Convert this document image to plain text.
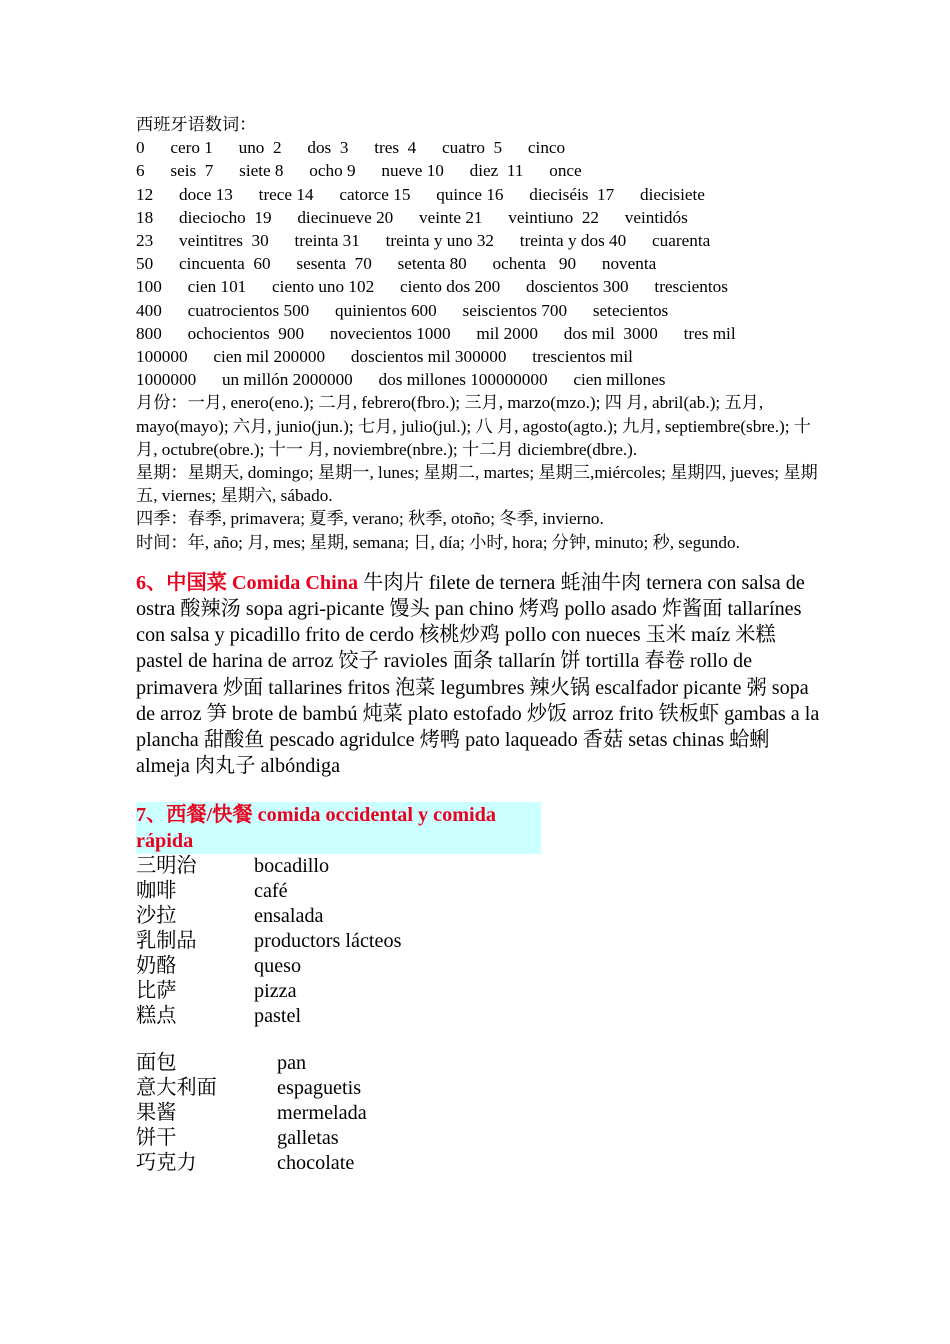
西班牙语数词：

0      cero 1      uno  2      dos  3      tres  4      cuatro  5      cinco

6      seis  7      siete 8      ocho 9      nueve 10      diez  11      once

12      doce 13      trece 14      catorce 15      quince 16      dieciséis  17      diecisiete

18      dieciocho  19      diecinueve 20      veinte 21      veintiuno  22      veintidós

23      veintitres  30      treinta 31      treinta y uno 32      treinta y dos 40      cuarenta

50      cincuenta  60      sesenta  70      setenta 80      ochenta   90      noventa

100      cien 101      ciento uno 102      ciento dos 200      doscientos 300      trescientos

400      cuatrocientos 500      quinientos 600      seiscientos 700      setecientos

800      ochocientos  900      novecientos 1000      mil 2000      dos mil  3000      tres mil

100000      cien mil 200000      doscientos mil 300000      trescientos mil

1000000      un millón 2000000      dos millones 100000000      cien millones

月份：一月, enero(eno.); 二月, febrero(fbro.); 三月, marzo(mzo.); 四 月, abril(ab.); 五月, mayo(mayo); 六月, junio(jun.); 七月, julio(jul.); 八 月, agosto(agto.); 九月, septiembre(sbre.); 十月, octubre(obre.); 十一 月, noviembre(nbre.); 十二月 diciembre(dbre.).

星期：星期天, domingo; 星期一, lunes; 星期二, martes; 星期三,miércoles; 星期四, jueves; 星期五, viernes; 星期六, sábado.

四季：春季, primavera; 夏季, verano; 秋季, otoño; 冬季, invierno.

时间：年, año; 月, mes; 星期, semana; 日, día; 小时, hora; 分钟, minuto; 秒, segundo.

6、中国菜 Comida China 牛肉片 filete de ternera 蚝油牛肉 ternera con salsa de ostra 酸辣汤 sopa agri-picante 馒头 pan chino 烤鸡 pollo asado 炸酱面 tallarínes con salsa y picadillo frito de cerdo 核桃炒鸡 pollo con nueces 玉米 maíz 米糕 pastel de harina de arroz 饺子 ravioles 面条 tallarín 饼 tortilla 春卷 rollo de primavera 炒面 tallarines fritos 泡菜 legumbres 辣火锅 escalfador picante 粥 sopa de arroz 笋 brote de bambú 炖菜 plato estofado 炒饭 arroz frito 铁板虾 gambas a la plancha 甜酸鱼 pescado agridulce 烤鸭 pato laqueado 香菇 setas chinas 蛤蜊 almeja 肉丸子 albóndiga
7、西餐/快餐 comida occidental y comida rápida
三明治	bocadillo
咖啡	café
沙拉	ensalada
乳制品	productors lácteos
奶酪	queso
比萨	pizza
糕点	pastel
面包	pan
意大利面	espaguetis
果酱	mermelada
饼干	galletas
巧克力	chocolate
